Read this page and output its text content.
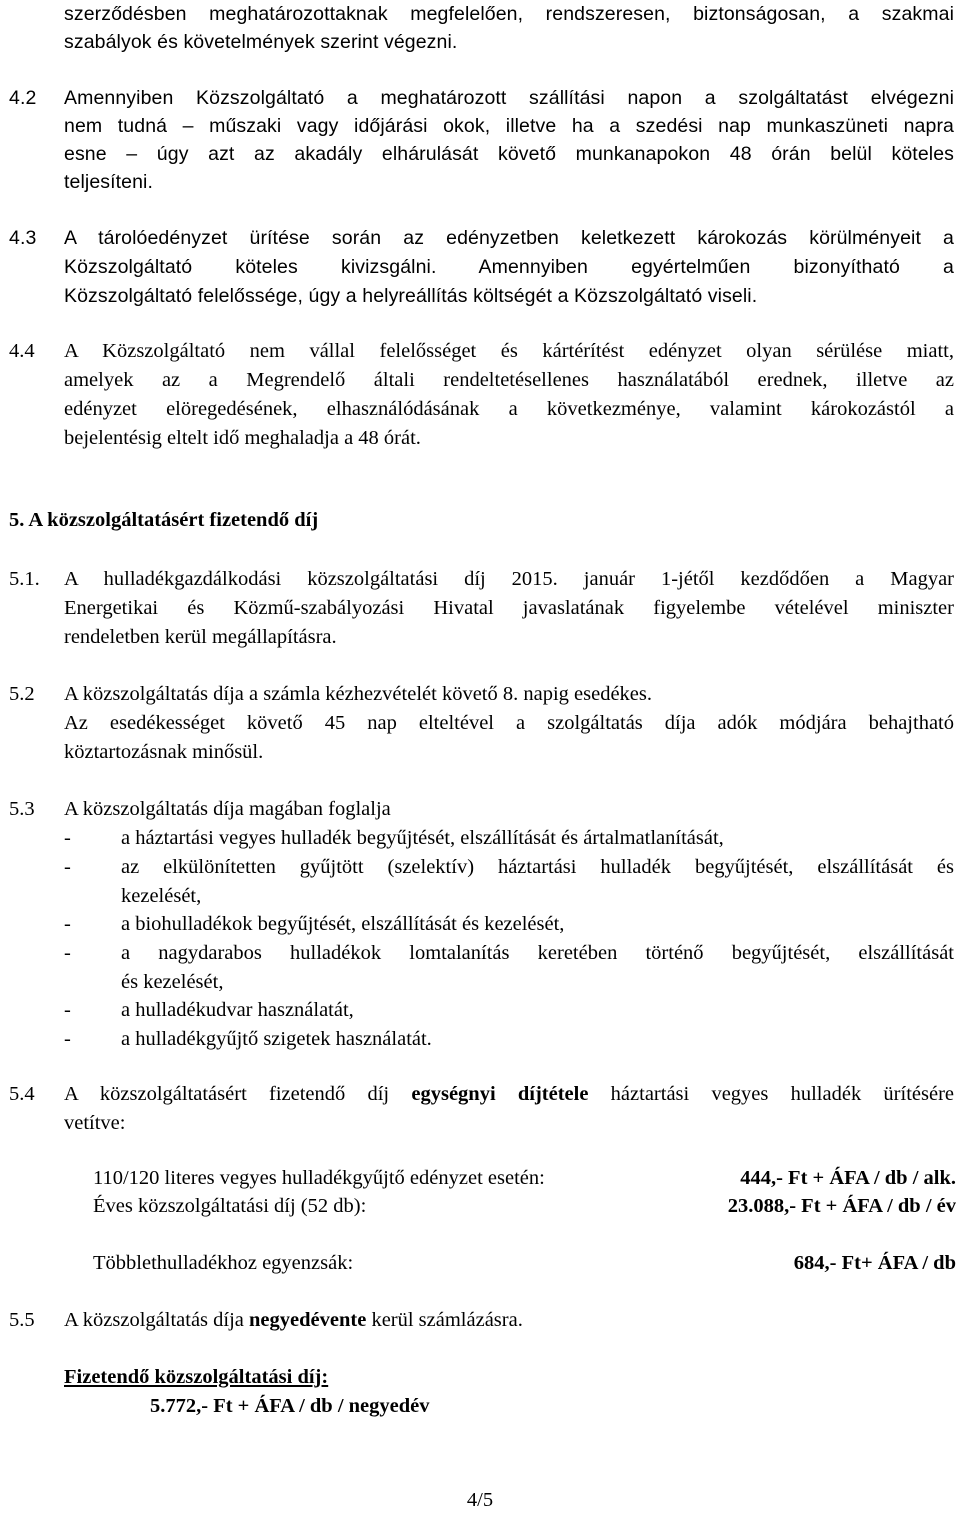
szerződésben meghatározottaknak megfelelően, rendszeresen, biztonságosan, a szakmai
szabályok és követelmények szerint végezni.
4.2 Amennyiben Közszolgáltató a meghatározott szállítási napon a szolgáltatást elvégezni
nem tudná – műszaki vagy időjárási okok, illetve ha a szedési nap munkaszüneti napra
esne – úgy azt az akadály elhárulását követő munkanapokon 48 órán belül köteles
teljesíteni.
4.3 A tárolóedényzet ürítése során az edényzetben keletkezett károkozás körülményeit a
Közszolgáltató köteles kivizsgálni. Amennyiben egyértelműen bizonyítható a
Közszolgáltató felelőssége, úgy a helyreállítás költségét a Közszolgáltató viseli.
4.4 A Közszolgáltató nem vállal felelősséget és kártérítést edényzet olyan sérülése miatt,
amelyek az a Megrendelő általi rendeltetésellenes használatából erednek, illetve az
edényzet elöregedésének, elhasználódásának a következménye, valamint károkozástól a
bejelentésig eltelt idő meghaladja a 48 órát.
5. A közszolgáltatásért fizetendő díj
5.1. A hulladékgazdálkodási közszolgáltatási díj 2015. január 1-jétől kezdődően a Magyar
Energetikai és Közmű-szabályozási Hivatal javaslatának figyelembe vételével miniszter
rendeletben kerül megállapításra.
5.2 A közszolgáltatás díja a számla kézhezvételét követő 8. napig esedékes.
Az esedékességet követő 45 nap elteltével a szolgáltatás díja adók módjára behajtható
köztartozásnak minősül.
5.3 A közszolgáltatás díja magában foglalja
- a háztartási vegyes hulladék begyűjtését, elszállítását és ártalmatlanítását,
- az elkülönítetten gyűjtött (szelektív) háztartási hulladék begyűjtését, elszállítását és
kezelését,
- a biohulladékok begyűjtését, elszállítását és kezelését,
- a nagydarabos hulladékok lomtalanítás keretében történő begyűjtését, elszállítását
és kezelését,
- a hulladékudvar használatát,
- a hulladékgyűjtő szigetek használatát.
5.4 A közszolgáltatásért fizetendő díj egységnyi díjtétele háztartási vegyes hulladék ürítésére
vetítve:
110/120 literes vegyes hulladékgyűjtő edényzet esetén:	444,- Ft + ÁFA / db / alk.
Éves közszolgáltatási díj (52 db):	23.088,- Ft + ÁFA / db / év
Többlethulladékhoz egyenzsák:	684,- Ft+ ÁFA / db
5.5 A közszolgáltatás díja negyedévente kerül számlázásra.
Fizetendő közszolgáltatási díj:
5.772,- Ft + ÁFA / db / negyedév
4/5
